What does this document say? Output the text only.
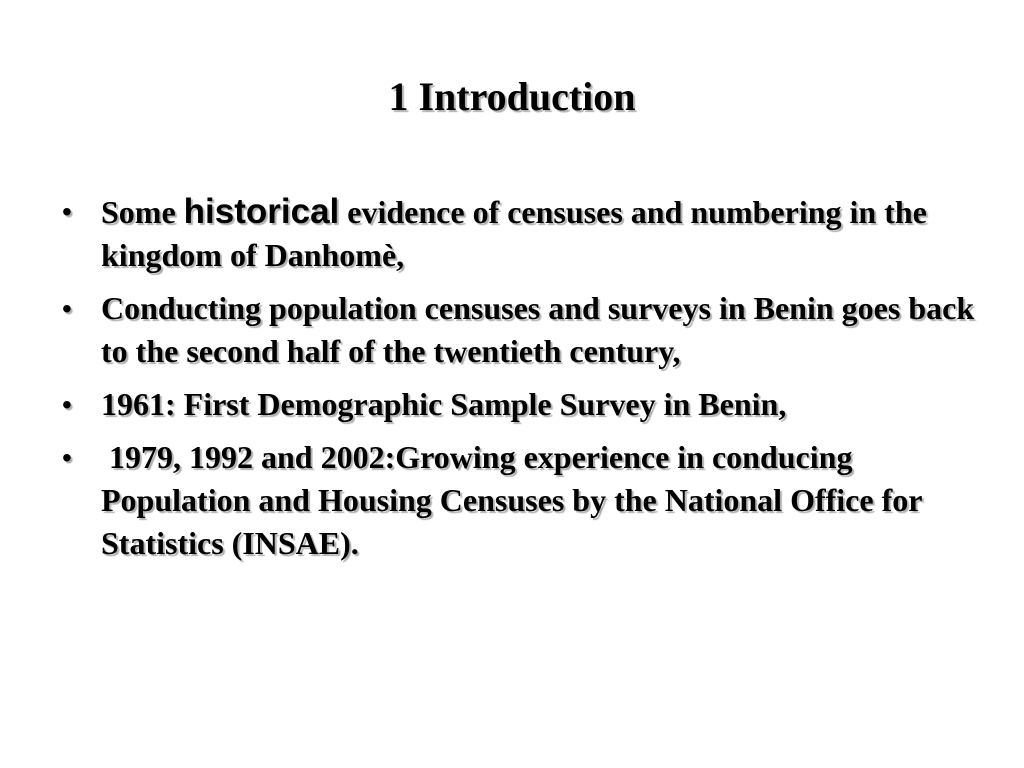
1 Introduction
• Some historical evidence of censuses and numbering in the kingdom of Danhomè,
• Conducting population censuses and surveys in Benin goes back to the second half of the twentieth century,
• 1961: First Demographic Sample Survey in Benin,
• 1979, 1992 and 2002:Growing experience in conducing Population and Housing Censuses by the National Office for Statistics (INSAE).
